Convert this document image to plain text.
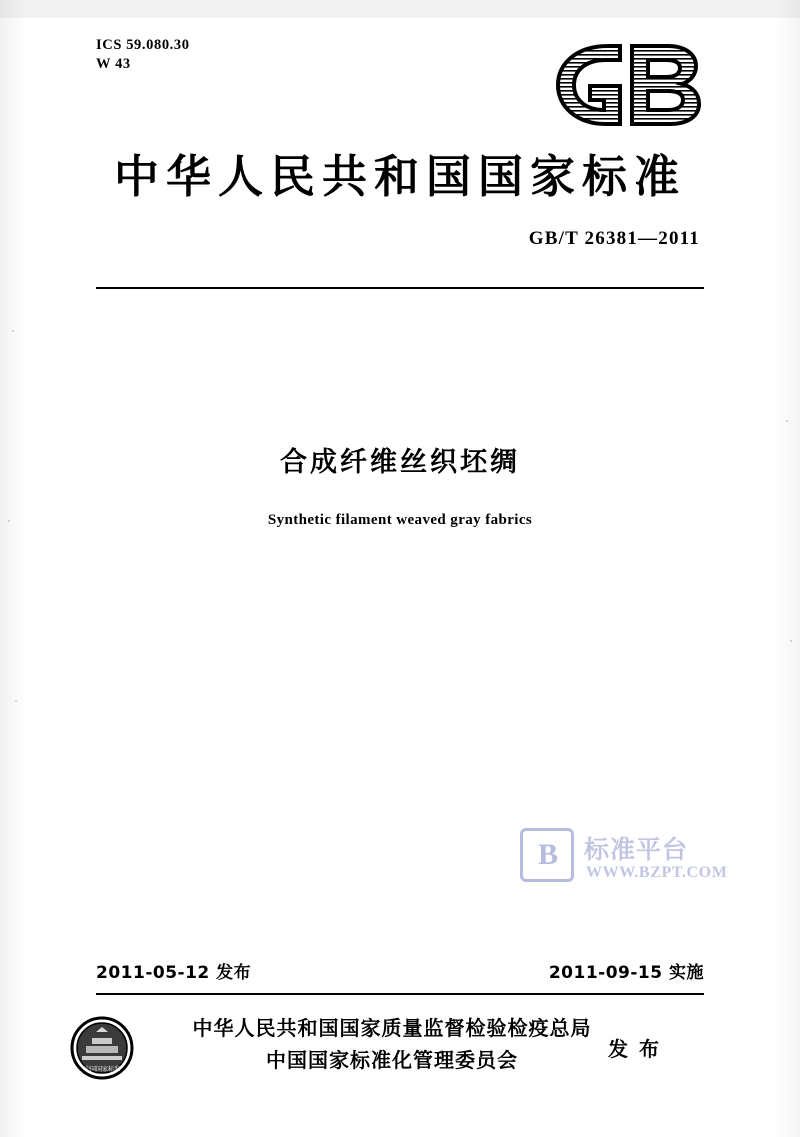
ICS 59.080.30
W 43
中华人民共和国国家标准
GB/T 26381—2011
合成纤维丝织坯绸
Synthetic filament weaved gray fabrics
B 标准平台
WWW.BZPT.COM
2011-05-12 发布	2011-09-15 实施
中国国家标准
中华人民共和国国家质量监督检验检疫总局
中国国家标准化管理委员会	发 布
